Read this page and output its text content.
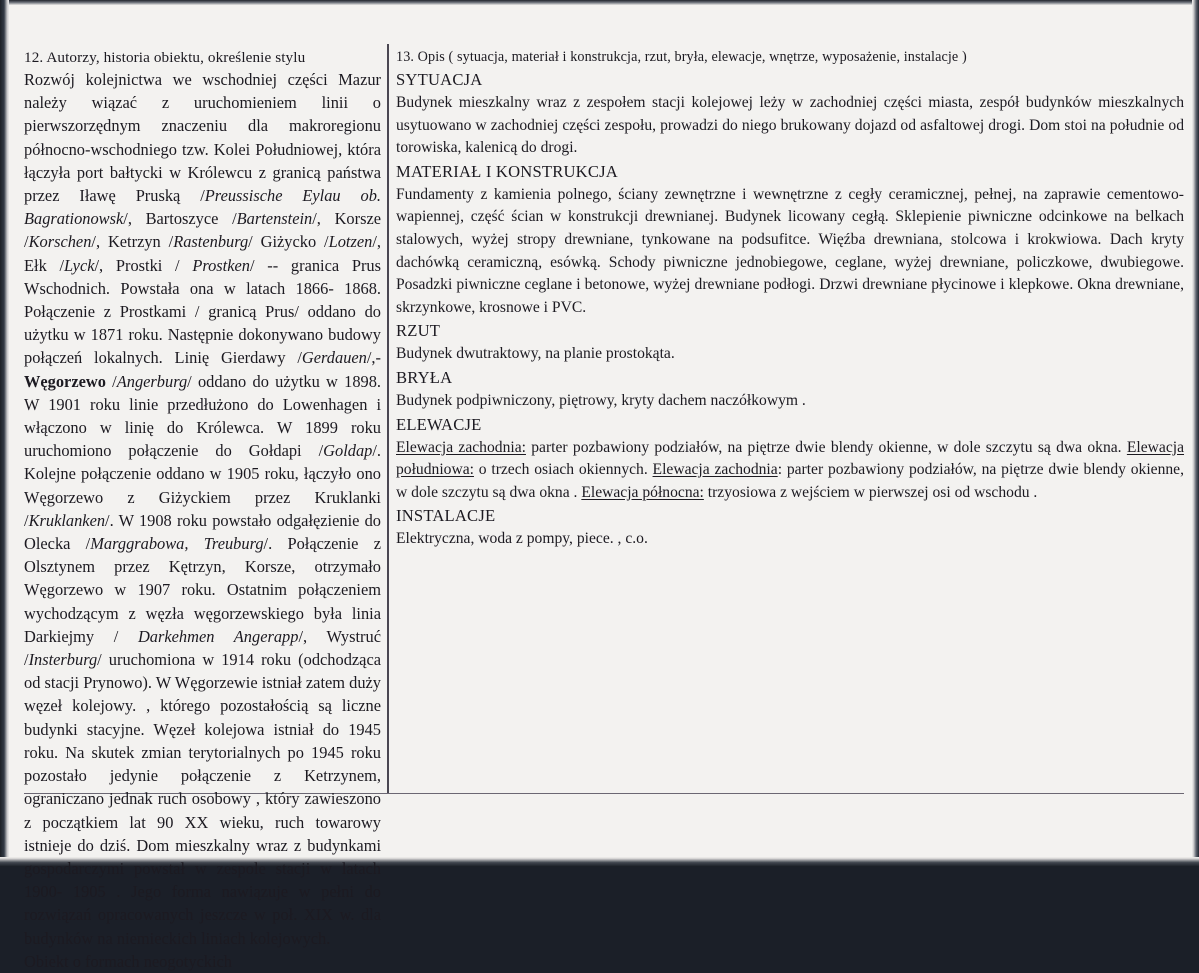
12. Autorzy, historia obiektu, określenie stylu

Rozwój kolejnictwa we wschodniej części Mazur należy wiązać z uruchomieniem linii o pierwszorzędnym znaczeniu dla makroregionu północno-wschodniego tzw. Kolei Południowej, która łączyła port bałtycki w Królewcu z granicą państwa przez Iławę Pruską /Preussische Eylau ob. Bagrationowsk/, Bartoszyce /Bartenstein/, Korsze /Korschen/, Ketrzyn /Rastenburg/ Giżycko /Lotzen/, Ełk /Lyck/, Prostki / Prostken/ -- granica Prus Wschodnich. Powstała ona w latach 1866- 1868. Połączenie z Prostkami / granicą Prus/ oddano do użytku w 1871 roku. Następnie dokonywano budowy połączeń lokalnych. Linię Gierdawy /Gerdauen/,- Węgorzewo /Angerburg/ oddano do użytku w 1898. W 1901 roku linie przedłużono do Lowenhagen i włączono w linię do Królewca. W 1899 roku uruchomiono połączenie do Gołdapi /Goldap/. Kolejne połączenie oddano w 1905 roku, łączyło ono Węgorzewo z Giżyckiem przez Kruklanki /Kruklanken/. W 1908 roku powstało odgałęzienie do Olecka /Marggrabowa, Treuburg/. Połączenie z Olsztynem przez Kętrzyn, Korsze, otrzymało Węgorzewo w 1907 roku. Ostatnim połączeniem wychodzącym z węzła węgorzewskiego była linia Darkiejmy / Darkehmen Angerapp/, Wystruć /Insterburg/ uruchomiona w 1914 roku (odchodząca od stacji Prynowo). W Węgorzewie istniał zatem duży węzeł kolejowy. , którego pozostałością są liczne budynki stacyjne. Węzeł kolejowa istniał do 1945 roku. Na skutek zmian terytorialnych po 1945 roku pozostało jedynie połączenie z Ketrzynem, ograniczano jednak ruch osobowy , który zawieszono z początkiem lat 90 XX wieku, ruch towarowy istnieje do dziś. Dom mieszkalny wraz z budynkami gospodarczymi powstał w zespole stacji w latach 1900- 1905 . Jego forma nawiązuje w pełni do rozwiązań opracowanych jeszcze w poł. XIX w. dla budynków na niemieckich liniach kolejowych.

Obiekt o formach neogotyckich

13. Opis ( sytuacja, materiał i konstrukcja, rzut, bryła, elewacje, wnętrze, wyposażenie, instalacje )
SYTUACJA

Budynek mieszkalny wraz z zespołem stacji kolejowej leży w zachodniej części miasta, zespół budynków mieszkalnych usytuowano w zachodniej części zespołu, prowadzi do niego brukowany dojazd od asfaltowej drogi. Dom stoi na południe od torowiska, kalenicą do drogi.

MATERIAŁ I KONSTRUKCJA

Fundamenty z kamienia polnego, ściany zewnętrzne i wewnętrzne z cegły ceramicznej, pełnej, na zaprawie cementowo-wapiennej, część ścian w konstrukcji drewnianej. Budynek licowany cegłą. Sklepienie piwniczne odcinkowe na belkach stalowych, wyżej stropy drewniane, tynkowane na podsufitce. Więźba drewniana, stolcowa i krokwiowa. Dach kryty dachówką ceramiczną, esówką. Schody piwniczne jednobiegowe, ceglane, wyżej drewniane, policzkowe, dwubiegowe. Posadzki piwniczne ceglane i betonowe, wyżej drewniane podłogi. Drzwi drewniane płycinowe i klepkowe. Okna drewniane, skrzynkowe, krosnowe i PVC.

RZUT

Budynek dwutraktowy, na planie prostokąta.

BRYŁA

Budynek podpiwniczony, piętrowy, kryty dachem naczółkowym .

ELEWACJE

Elewacja zachodnia: parter pozbawiony podziałów, na piętrze dwie blendy okienne, w dole szczytu są dwa okna. Elewacja południowa: o trzech osiach okiennych. Elewacja zachodnia: parter pozbawiony podziałów, na piętrze dwie blendy okienne, w dole szczytu są dwa okna . Elewacja północna: trzyosiowa z wejściem w pierwszej osi od wschodu .

INSTALACJE

Elektryczna, woda z pompy, piece. , c.o.
